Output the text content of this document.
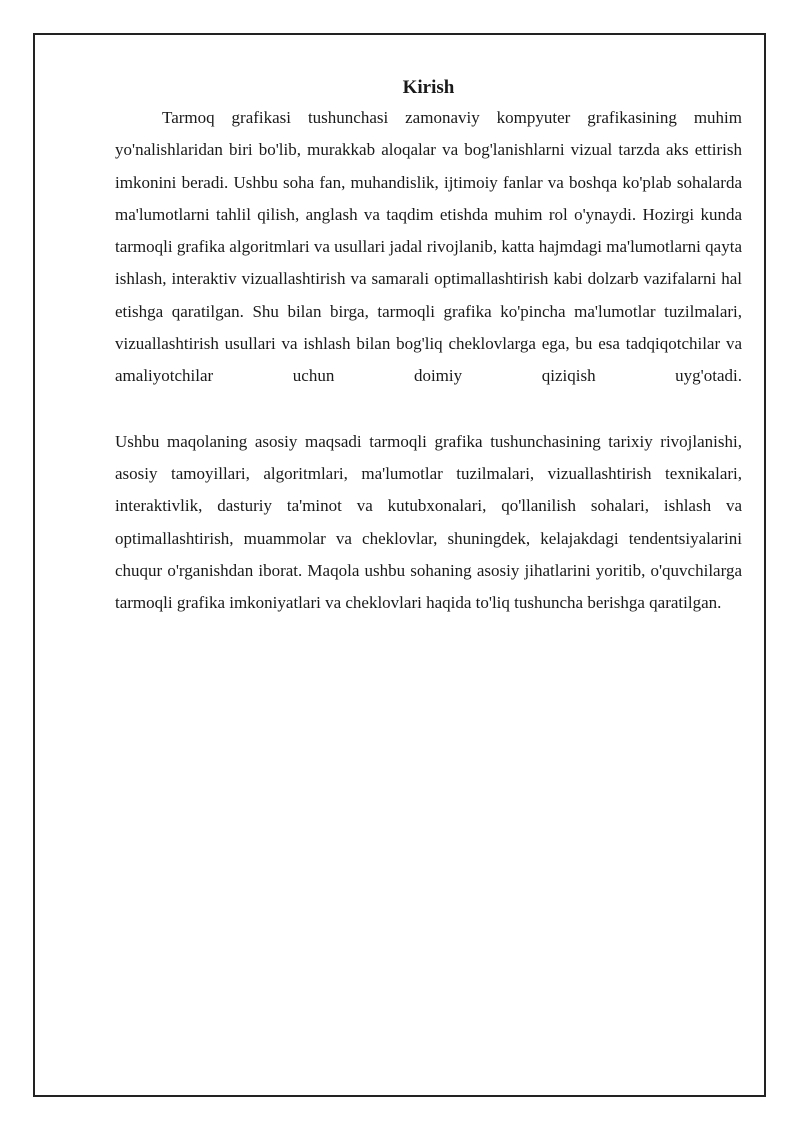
Kirish

Tarmoq grafikasi tushunchasi zamonaviy kompyuter grafikasining muhim yo'nalishlaridan biri bo'lib, murakkab aloqalar va bog'lanishlarni vizual tarzda aks ettirish imkonini beradi. Ushbu soha fan, muhandislik, ijtimoiy fanlar va boshqa ko'plab sohalarda ma'lumotlarni tahlil qilish, anglash va taqdim etishda muhim rol o'ynaydi. Hozirgi kunda tarmoqli grafika algoritmlari va usullari jadal rivojlanib, katta hajmdagi ma'lumotlarni qayta ishlash, interaktiv vizuallashtirish va samarali optimallashtirish kabi dolzarb vazifalarni hal etishga qaratilgan. Shu bilan birga, tarmoqli grafika ko'pincha ma'lumotlar tuzilmalari, vizuallashtirish usullari va ishlash bilan bog'liq cheklovlarga ega, bu esa tadqiqotchilar va amaliyotchilar uchun doimiy qiziqish uyg'otadi.

Ushbu maqolaning asosiy maqsadi tarmoqli grafika tushunchasining tarixiy rivojlanishi, asosiy tamoyillari, algoritmlari, ma'lumotlar tuzilmalari, vizuallashtirish texnikalari, interaktivlik, dasturiy ta'minot va kutubxonalari, qo'llanilish sohalari, ishlash va optimallashtirish, muammolar va cheklovlar, shuningdek, kelajakdagi tendentsiyalarini chuqur o'rganishdan iborat. Maqola ushbu sohaning asosiy jihatlarini yoritib, o'quvchilarga tarmoqli grafika imkoniyatlari va cheklovlari haqida to'liq tushuncha berishga qaratilgan.
